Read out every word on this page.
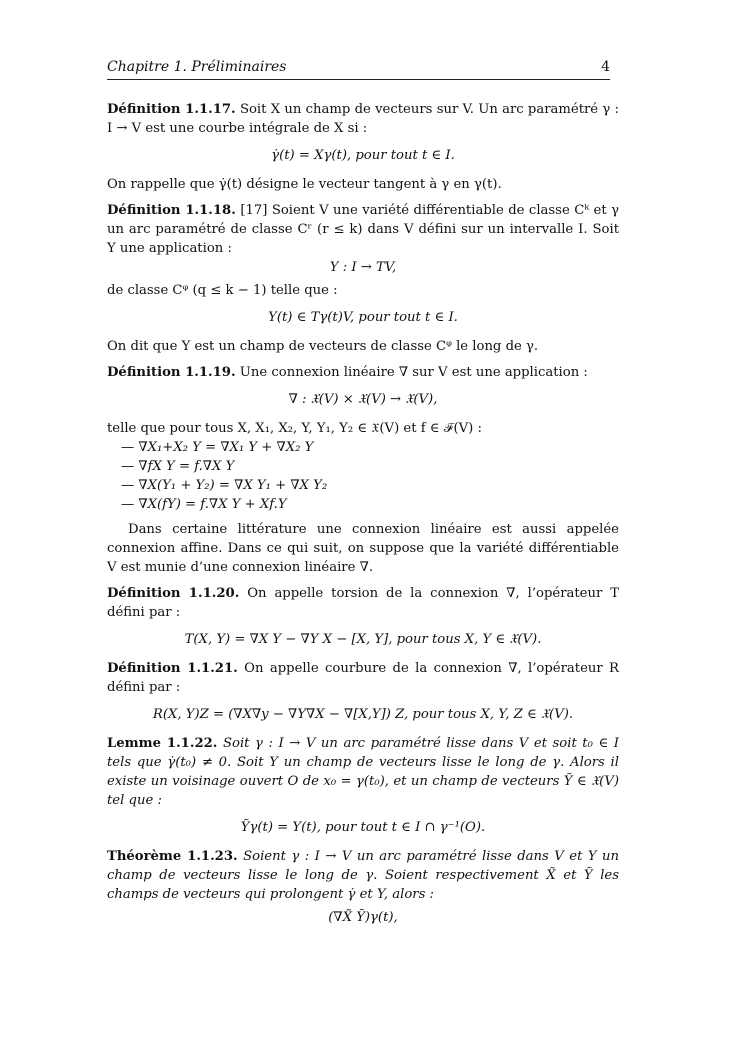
Chapitre 1. Préliminaires	4

Définition 1.1.17. Soit X un champ de vecteurs sur V. Un arc paramétré γ : I → V est une courbe intégrale de X si :

γ̇(t) = Xγ(t), pour tout t ∈ I.

On rappelle que γ̇(t) désigne le vecteur tangent à γ en γ(t).

Définition 1.1.18. [17] Soient V une variété différentiable de classe Cᵏ et γ un arc paramétré de classe Cʳ (r ≤ k) dans V défini sur un intervalle I. Soit Y une application :

Y : I → TV,

de classe Cᵠ (q ≤ k − 1) telle que :

Y(t) ∈ Tγ(t)V, pour tout t ∈ I.

On dit que Y est un champ de vecteurs de classe Cᵠ le long de γ.

Définition 1.1.19. Une connexion linéaire ∇ sur V est une application :

∇ : 𝔛(V) × 𝔛(V) → 𝔛(V),

telle que pour tous X, X₁, X₂, Y, Y₁, Y₂ ∈ 𝔛(V) et f ∈ ℱ(V) :

— ∇X₁+X₂ Y = ∇X₁ Y + ∇X₂ Y
— ∇fX Y = f.∇X Y
— ∇X(Y₁ + Y₂) = ∇X Y₁ + ∇X Y₂
— ∇X(fY) = f.∇X Y + Xf.Y

Dans certaine littérature une connexion linéaire est aussi appelée connexion affine. Dans ce qui suit, on suppose que la variété différentiable V est munie d’une connexion linéaire ∇.

Définition 1.1.20. On appelle torsion de la connexion ∇, l’opérateur T défini par :

T(X, Y) = ∇X Y − ∇Y X − [X, Y], pour tous X, Y ∈ 𝔛(V).

Définition 1.1.21. On appelle courbure de la connexion ∇, l’opérateur R défini par :

R(X, Y)Z = (∇X∇y − ∇Y∇X − ∇[X,Y]) Z, pour tous X, Y, Z ∈ 𝔛(V).

Lemme 1.1.22. Soit γ : I → V un arc paramétré lisse dans V et soit t₀ ∈ I tels que γ̇(t₀) ≠ 0. Soit Y un champ de vecteurs lisse le long de γ. Alors il existe un voisinage ouvert O de x₀ = γ(t₀), et un champ de vecteurs Ỹ ∈ 𝔛(V) tel que :

Ỹγ(t) = Y(t), pour tout t ∈ I ∩ γ⁻¹(O).

Théorème 1.1.23. Soient γ : I → V un arc paramétré lisse dans V et Y un champ de vecteurs lisse le long de γ. Soient respectivement X̃ et Ỹ les champs de vecteurs qui prolongent γ̇ et Y, alors :

(∇X̃ Ỹ)γ(t),
